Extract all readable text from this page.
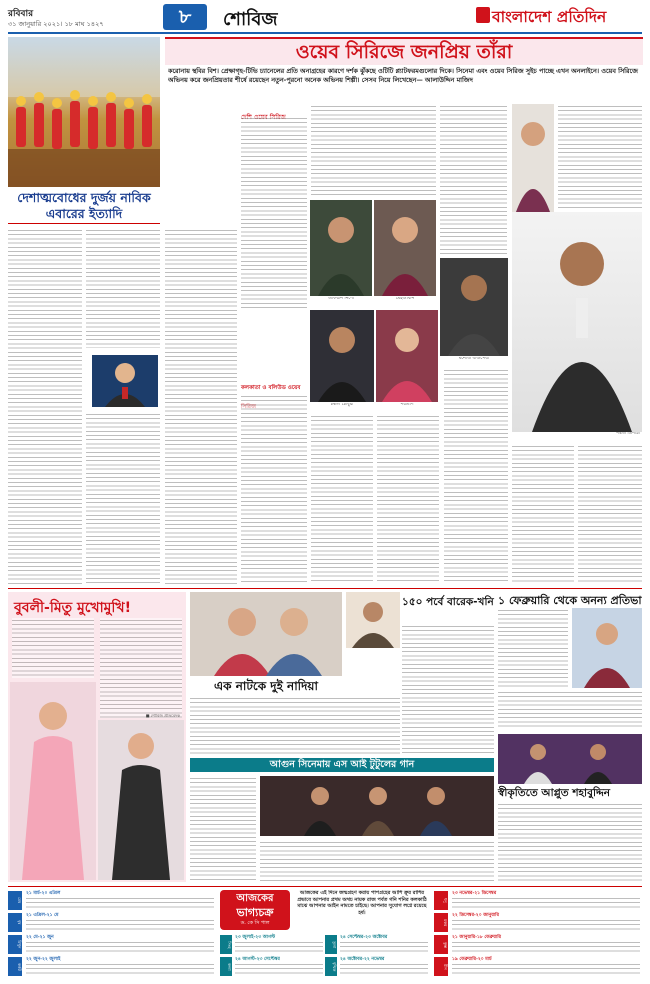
রবিবার
৩১ জানুয়ারি ২০২১। ১৮ মাঘ ১৪২৭	৮	শোবিজ	বাংলাদেশ প্রতিদিন
ওয়েব সিরিজে জনপ্রিয় তাঁরা
করোনায় স্থবির বিশ। প্রেক্ষাগৃহ-টিভি চ্যানেলের প্রতি অনাগ্রহের কারণে দর্শক ঝুঁকছে ওটিটি প্ল্যাটফরমগুলোর দিকে। সিনেমা এবং ওয়েব সিরিজ সুইচ পাচ্ছে এখন অনলাইনে। ওয়েব সিরিজে অভিনয় করে জনপ্রিয়তার শীর্ষে রয়েছেন নতুন-পুরনো অনেক অভিনয় শিল্পী। সেসব নিয়ে লিখেছেন— আলাউদ্দিন মাজিদ
দেশাত্মবোধের দুর্জয় নাবিক এবারের ইত্যাদি
কলকাতা ও বলিউড ওয়েব
আফরান নিশো	মেহজাবীন
চঞ্চল চৌধুরী	পরীমণি
মনোজ বাজপেয়ী
পঙ্কজ ত্রিপাঠী
বুবলী-মিতু মুখোমুখি!
■ শোবিজ প্রতিবেদক
এক নাটকে দুই নাদিয়া
১৫০ পর্বে বারেক-খনি ১ ফেব্রুয়ারি থেকে অনন্য প্রতিভা
আগুন সিনেমায় এস আই টুটুলের গান
স্বীকৃতিতে আপ্লুত শহাবুদ্দিন
মেষ
২১ মার্চ-২০ এপ্রিল
বৃষ
২১ এপ্রিল-২১ মে
মিথুন
২২ মে-২১ জুন
কর্কট
২২ জুন-২২ জুলাই
আজকের
ভাগ্যচক্র
ড. কে সি পাল
আজকের এই দিনে জন্মগ্রহণ করায় পাপগ্রহের আশি ক্রূর রাশির প্রভাবে আপনার প্রথম অথচ নায়ক রাজ পর্বত গনি শনির কলকাঠি মাঝে আপনার আইন নামতে চাইছে। আপনার সুযোগ লগ্নে রয়েছে হর্ষ।
সিংহ
২৩ জুলাই-২৩ আগস্ট
তুলা
২৪ সেপ্টেম্বর-২৩ অক্টোবর
কন্যা
২৪ আগস্ট-২৩ সেপ্টেম্বর
বৃশ্চিক
২৪ অক্টোবর-২২ নভেম্বর
ধনু
২৩ নভেম্বর-২১ ডিসেম্বর
মকর
২২ ডিসেম্বর-২০ জানুয়ারি
কুম্ভ
২১ জানুয়ারি-১৮ ফেব্রুয়ারি
মীন
১৯ ফেব্রুয়ারি-২০ মার্চ
